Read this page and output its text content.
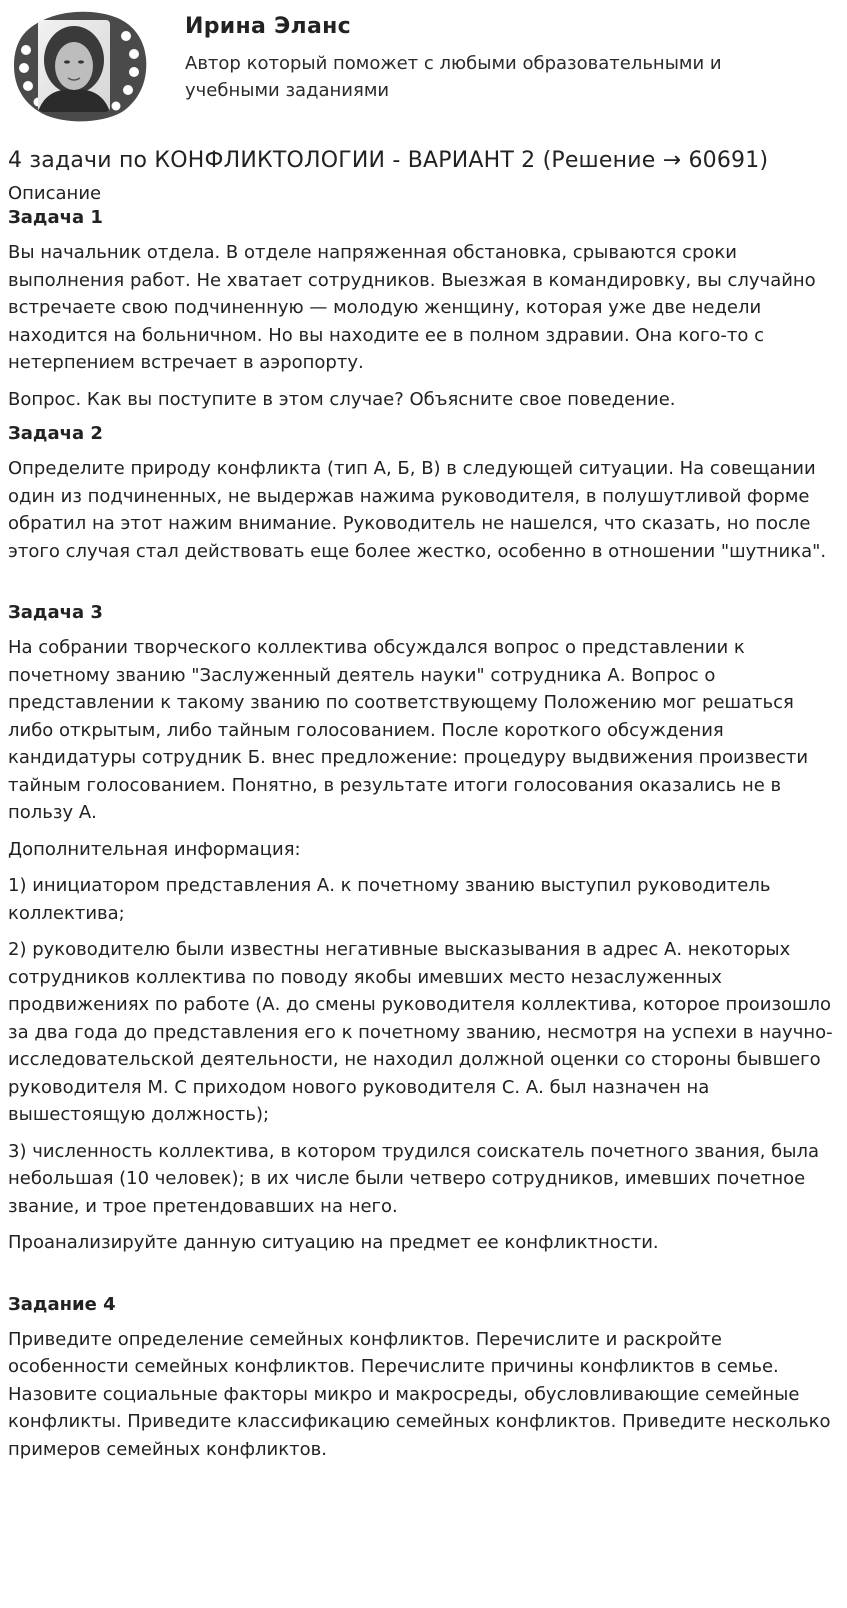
Ирина Эланс
Автор который поможет с любыми образовательными и учебными заданиями
4 задачи по КОНФЛИКТОЛОГИИ - ВАРИАНТ 2 (Решение → 60691)

Описание

Задача 1

Вы начальник отдела. В отделе напряженная обстановка, срываются сроки выполнения работ. Не хватает сотрудников. Выезжая в командировку, вы случайно встречаете свою подчиненную — молодую женщину, которая уже две недели находится на больничном. Но вы находите ее в полном здравии. Она кого-то с нетерпением встречает в аэропорту.

Вопрос. Как вы поступите в этом случае? Объясните свое поведение.

Задача 2

Определите природу конфликта (тип А, Б, В) в следующей ситуации. На совещании один из подчиненных, не выдержав нажима руководителя, в полушутливой форме обратил на этот нажим внимание. Руководитель не нашелся, что сказать, но после этого случая стал действовать еще более жестко, особенно в отношении "шутника".

Задача 3

На собрании творческого коллектива обсуждался вопрос о представлении к почетному званию "Заслуженный деятель науки" сотрудника А. Вопрос о представлении к такому званию по соответствующему Положению мог решаться либо открытым, либо тайным голосованием. После короткого обсуждения кандидатуры сотрудник Б. внес предложение: процедуру выдвижения произвести тайным голосованием. Понятно, в результате итоги голосования оказались не в пользу А.

Дополнительная информация:

1) инициатором представления А. к почетному званию выступил руководитель коллектива;

2) руководителю были известны негативные высказывания в адрес А. некоторых сотрудников коллектива по поводу якобы имевших место незаслуженных продвижениях по работе (А. до смены руководителя коллектива, которое произошло за два года до представления его к почетному званию, несмотря на успехи в научно-исследовательской деятельности, не находил должной оценки со стороны бывшего руководителя М. С приходом нового руководителя С. А. был назначен на вышестоящую должность);

3) численность коллектива, в котором трудился соискатель почетного звания, была небольшая (10 человек); в их числе были четверо сотрудников, имевших почетное звание, и трое претендовавших на него.

Проанализируйте данную ситуацию на предмет ее конфликтности.

Задание 4

Приведите определение семейных конфликтов. Перечислите и раскройте особенности семейных конфликтов. Перечислите причины конфликтов в семье. Назовите социальные факторы микро и макросреды, обусловливающие семейные конфликты. Приведите классификацию семейных конфликтов. Приведите несколько примеров семейных конфликтов.
